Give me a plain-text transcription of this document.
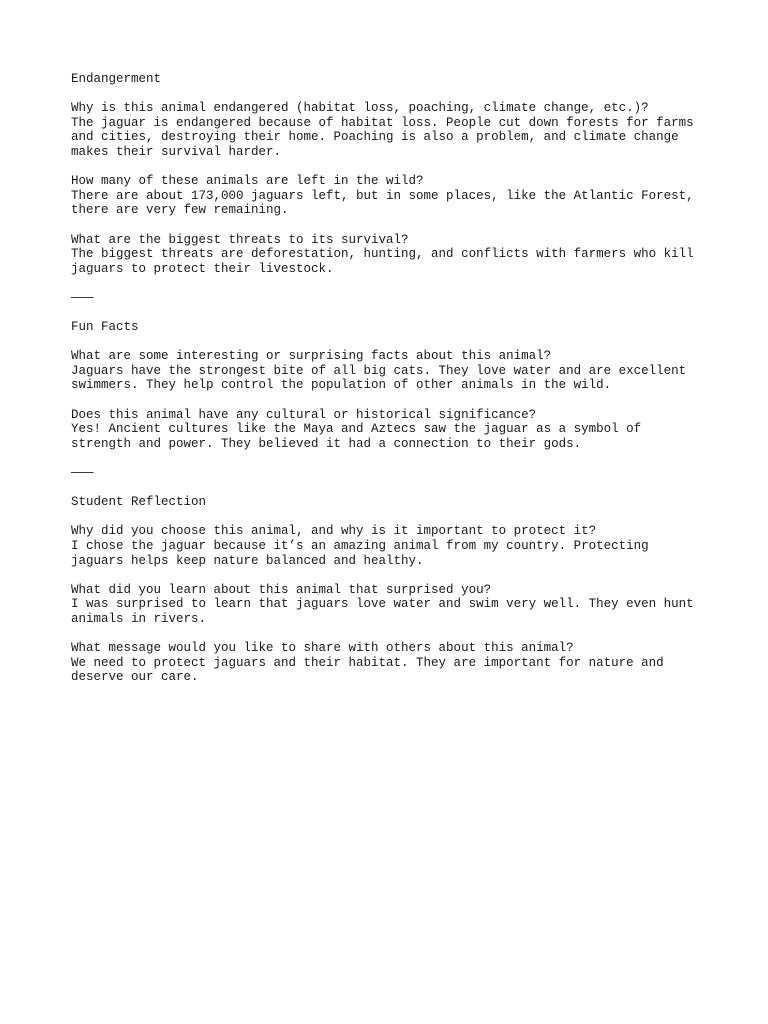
Endangerment
Why is this animal endangered (habitat loss, poaching, climate change, etc.)?
The jaguar is endangered because of habitat loss. People cut down forests for farms
and cities, destroying their home. Poaching is also a problem, and climate change
makes their survival harder.
How many of these animals are left in the wild?
There are about 173,000 jaguars left, but in some places, like the Atlantic Forest,
there are very few remaining.
What are the biggest threats to its survival?
The biggest threats are deforestation, hunting, and conflicts with farmers who kill
jaguars to protect their livestock.
———
Fun Facts
What are some interesting or surprising facts about this animal?
Jaguars have the strongest bite of all big cats. They love water and are excellent
swimmers. They help control the population of other animals in the wild.
Does this animal have any cultural or historical significance?
Yes! Ancient cultures like the Maya and Aztecs saw the jaguar as a symbol of
strength and power. They believed it had a connection to their gods.
———
Student Reflection
Why did you choose this animal, and why is it important to protect it?
I chose the jaguar because it’s an amazing animal from my country. Protecting
jaguars helps keep nature balanced and healthy.
What did you learn about this animal that surprised you?
I was surprised to learn that jaguars love water and swim very well. They even hunt
animals in rivers.
What message would you like to share with others about this animal?
We need to protect jaguars and their habitat. They are important for nature and
deserve our care.
